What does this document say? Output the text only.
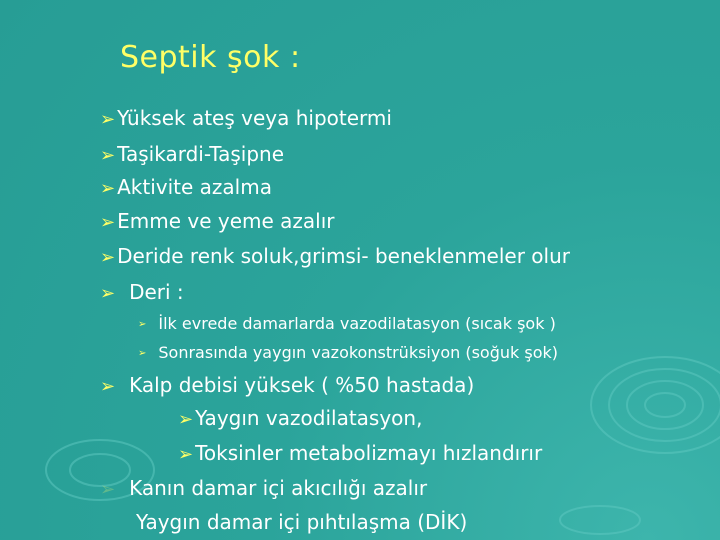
Septik şok :
➢ Yüksek ateş veya hipotermi
➢ Taşikardi-Taşipne
➢ Aktivite azalma
➢ Emme ve yeme azalır
➢ Deride renk soluk,grimsi- beneklenmeler olur
➢ Deri :
➢ İlk evrede damarlarda vazodilatasyon (sıcak şok )
➢ Sonrasında yaygın vazokonstrüksiyon (soğuk şok)
➢ Kalp debisi yüksek ( %50 hastada)
➢ Yaygın vazodilatasyon,
➢ Toksinler metabolizmayı hızlandırır
➢ Kanın damar içi akıcılığı azalır
Yaygın damar içi pıhtılaşma (DİK)
